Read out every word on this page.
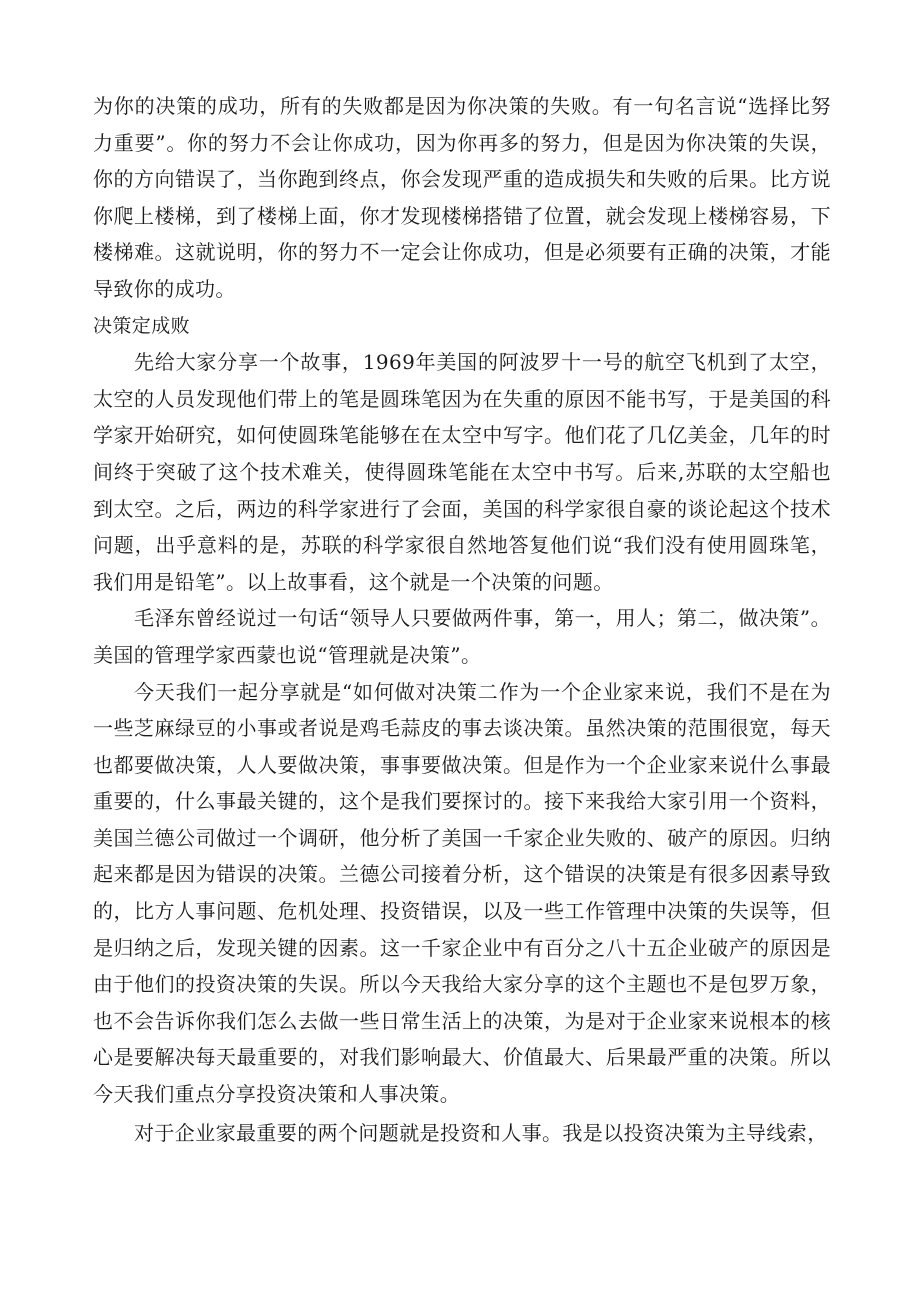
为你的决策的成功，所有的失败都是因为你决策的失败。有一句名言说“选择比努力重要”。你的努力不会让你成功，因为你再多的努力，但是因为你决策的失误，你的方向错误了，当你跑到终点，你会发现严重的造成损失和失败的后果。比方说你爬上楼梯，到了楼梯上面，你才发现楼梯搭错了位置，就会发现上楼梯容易，下楼梯难。这就说明，你的努力不一定会让你成功，但是必须要有正确的决策，才能导致你的成功。

决策定成败

先给大家分享一个故事，1969年美国的阿波罗十一号的航空飞机到了太空，太空的人员发现他们带上的笔是圆珠笔因为在失重的原因不能书写，于是美国的科学家开始研究，如何使圆珠笔能够在在太空中写字。他们花了几亿美金，几年的时间终于突破了这个技术难关，使得圆珠笔能在太空中书写。后来,苏联的太空船也到太空。之后，两边的科学家进行了会面，美国的科学家很自豪的谈论起这个技术问题，出乎意料的是，苏联的科学家很自然地答复他们说“我们没有使用圆珠笔，我们用是铅笔”。以上故事看，这个就是一个决策的问题。

毛泽东曾经说过一句话“领导人只要做两件事，第一，用人；第二，做决策”。美国的管理学家西蒙也说“管理就是决策”。

今天我们一起分享就是“如何做对决策二作为一个企业家来说，我们不是在为一些芝麻绿豆的小事或者说是鸡毛蒜皮的事去谈决策。虽然决策的范围很宽，每天也都要做决策，人人要做决策，事事要做决策。但是作为一个企业家来说什么事最重要的，什么事最关键的，这个是我们要探讨的。接下来我给大家引用一个资料，美国兰德公司做过一个调研，他分析了美国一千家企业失败的、破产的原因。归纳起来都是因为错误的决策。兰德公司接着分析，这个错误的决策是有很多因素导致的，比方人事问题、危机处理、投资错误，以及一些工作管理中决策的失误等，但是归纳之后，发现关键的因素。这一千家企业中有百分之八十五企业破产的原因是由于他们的投资决策的失误。所以今天我给大家分享的这个主题也不是包罗万象，也不会告诉你我们怎么去做一些日常生活上的决策，为是对于企业家来说根本的核心是要解决每天最重要的，对我们影响最大、价值最大、后果最严重的决策。所以今天我们重点分享投资决策和人事决策。

对于企业家最重要的两个问题就是投资和人事。我是以投资决策为主导线索，
